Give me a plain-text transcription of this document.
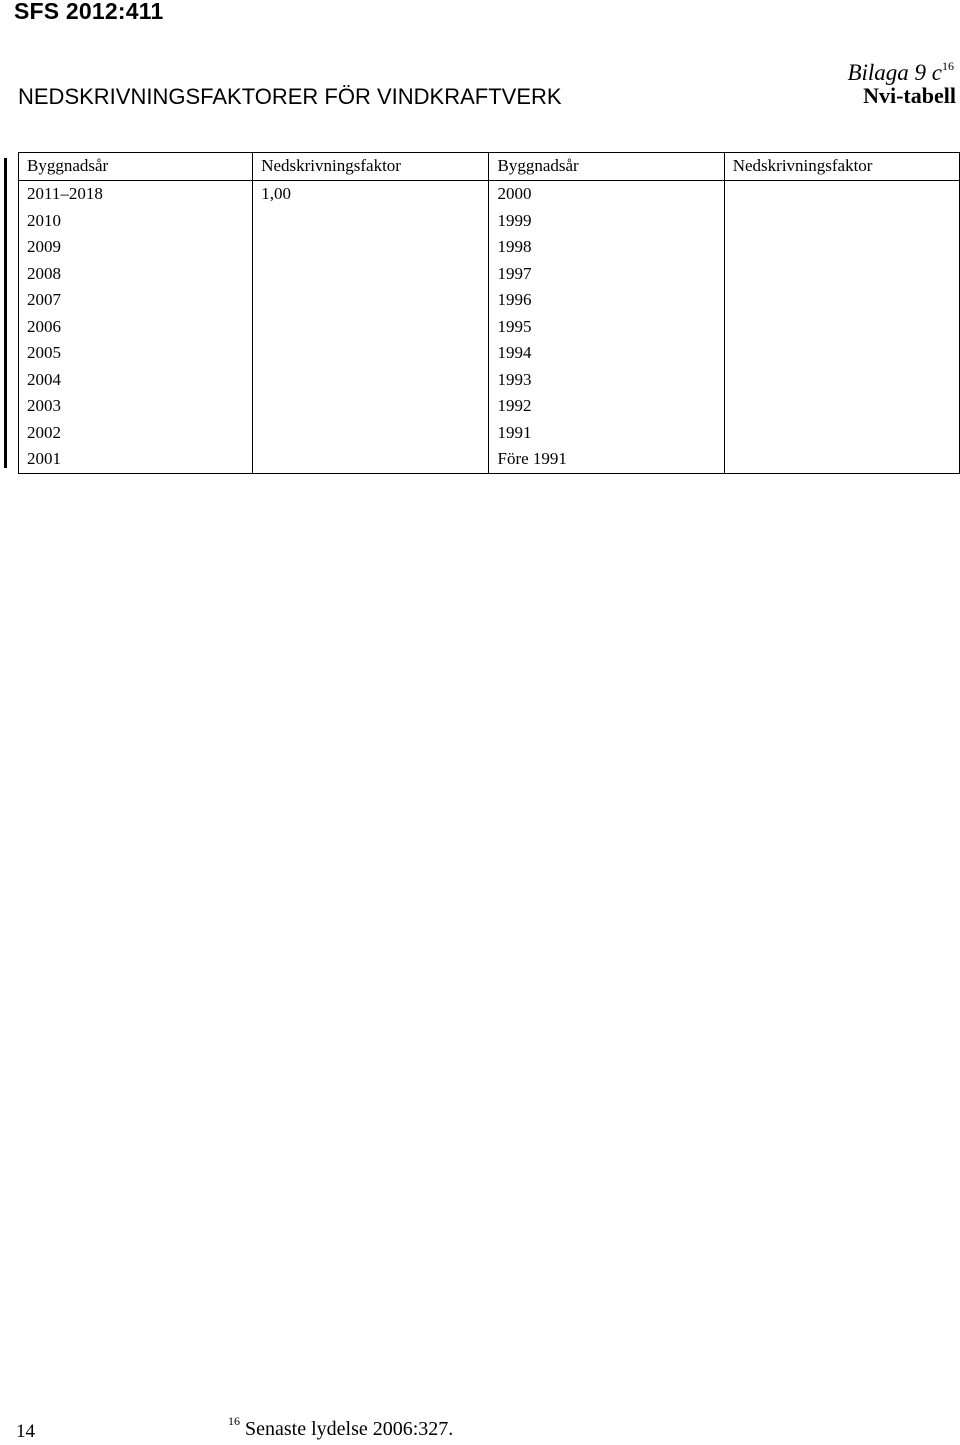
SFS 2012:411
Bilaga 9 $c^{16}$
Nvi-tabell
NEDSKRIVNINGSFAKTORER FÖR VINDKRAFTVERK
Byggnadsår	Nedskrivningsfaktor	Byggnadsår	Nedskrivningsfaktor
2011–2018	1,00	2000	
2010		1999	
2009		1998	
2008		1997	
2007		1996	
2006		1995	
2005		1994	
2004		1993	
2003		1992	
2002		1991	
2001		Före 1991	
14	$^{16}$ Senaste lydelse 2006:327.
